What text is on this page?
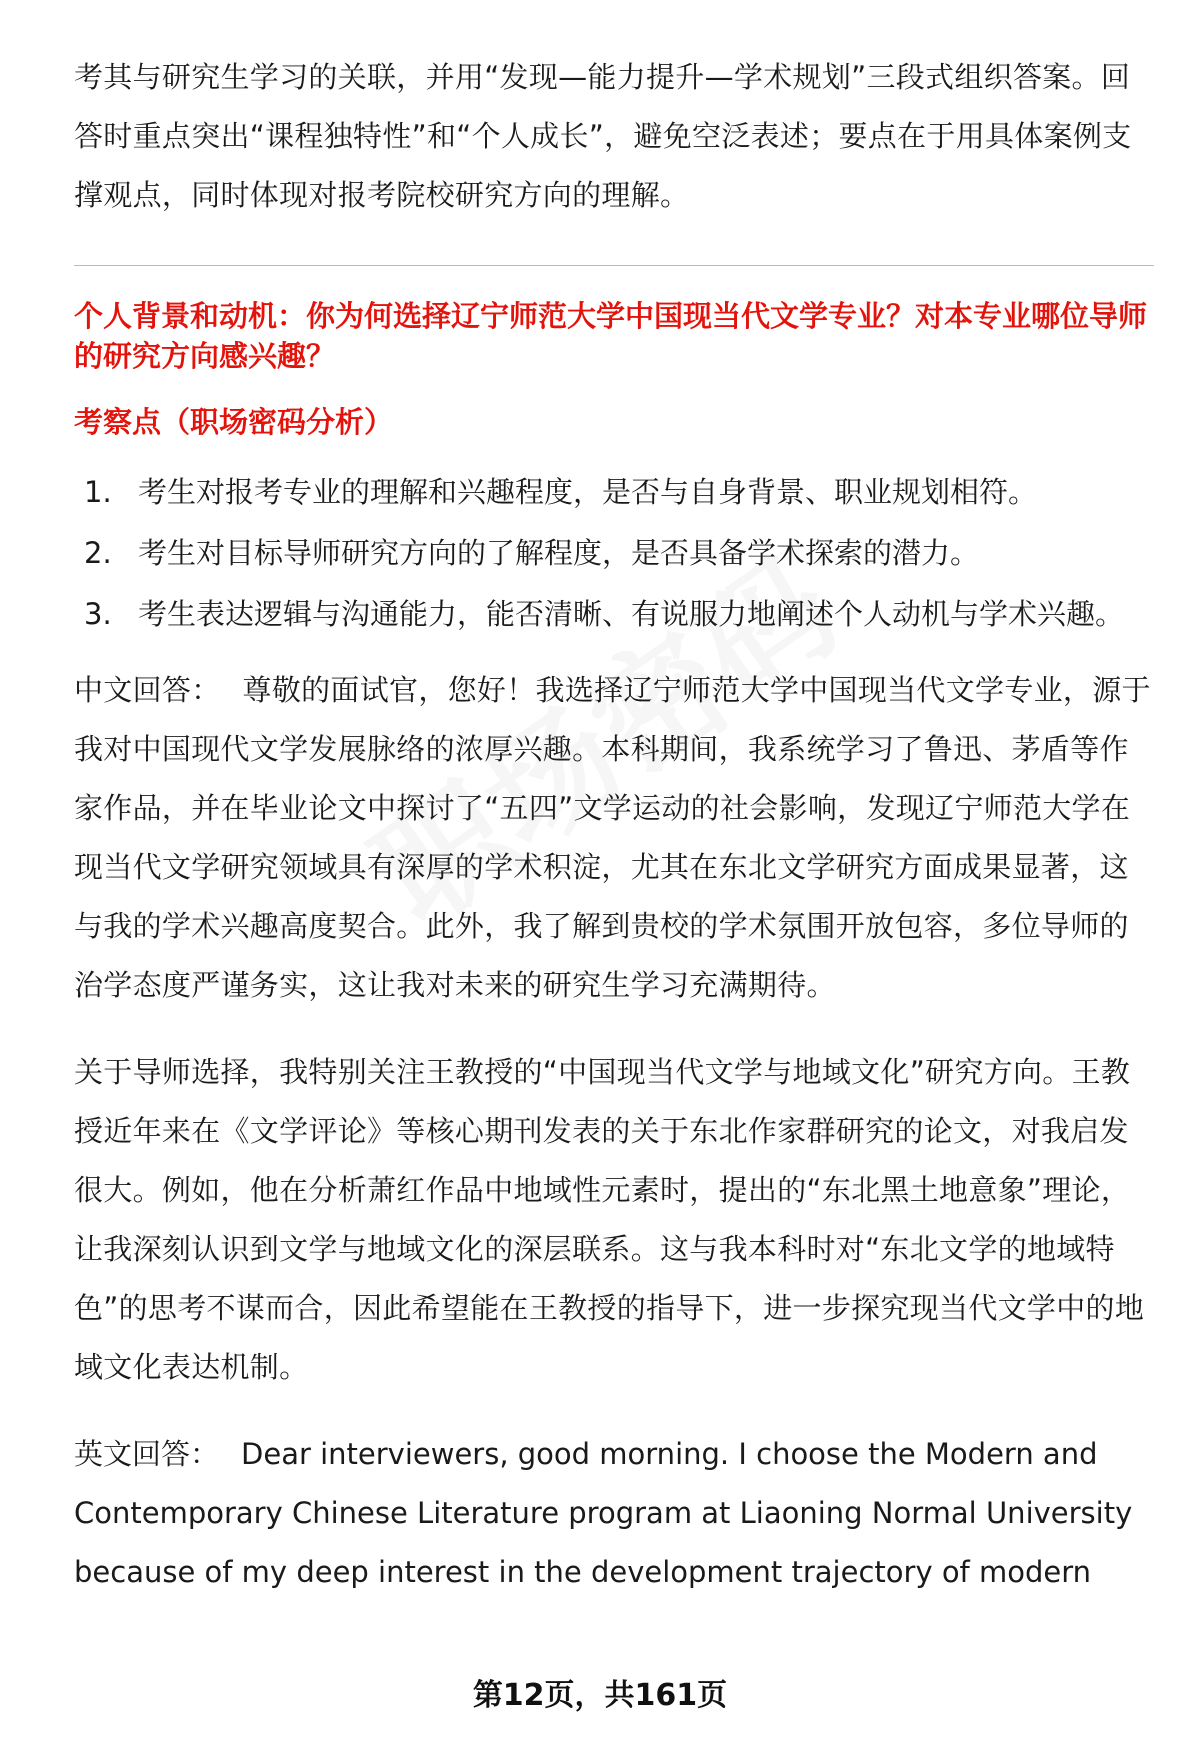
考其与研究生学习的关联，并用“发现—能力提升—学术规划”三段式组织答案。回答时重点突出“课程独特性”和“个人成长”，避免空泛表述；要点在于用具体案例支撑观点，同时体现对报考院校研究方向的理解。

个人背景和动机：你为何选择辽宁师范大学中国现当代文学专业？对本专业哪位导师的研究方向感兴趣？
考察点（职场密码分析）
1. 考生对报考专业的理解和兴趣程度，是否与自身背景、职业规划相符。
2. 考生对目标导师研究方向的了解程度，是否具备学术探索的潜力。
3. 考生表达逻辑与沟通能力，能否清晰、有说服力地阐述个人动机与学术兴趣。

中文回答： 尊敬的面试官，您好！我选择辽宁师范大学中国现当代文学专业，源于我对中国现代文学发展脉络的浓厚兴趣。本科期间，我系统学习了鲁迅、茅盾等作家作品，并在毕业论文中探讨了“五四”文学运动的社会影响，发现辽宁师范大学在现当代文学研究领域具有深厚的学术积淀，尤其在东北文学研究方面成果显著，这与我的学术兴趣高度契合。此外，我了解到贵校的学术氛围开放包容，多位导师的治学态度严谨务实，这让我对未来的研究生学习充满期待。

关于导师选择，我特别关注王教授的“中国现当代文学与地域文化”研究方向。王教授近年来在《文学评论》等核心期刊发表的关于东北作家群研究的论文，对我启发很大。例如，他在分析萧红作品中地域性元素时，提出的“东北黑土地意象”理论，让我深刻认识到文学与地域文化的深层联系。这与我本科时对“东北文学的地域特色”的思考不谋而合，因此希望能在王教授的指导下，进一步探究现当代文学中的地域文化表达机制。

英文回答： Dear interviewers, good morning. I choose the Modern and Contemporary Chinese Literature program at Liaoning Normal University because of my deep interest in the development trajectory of modern

第12页，共161页
